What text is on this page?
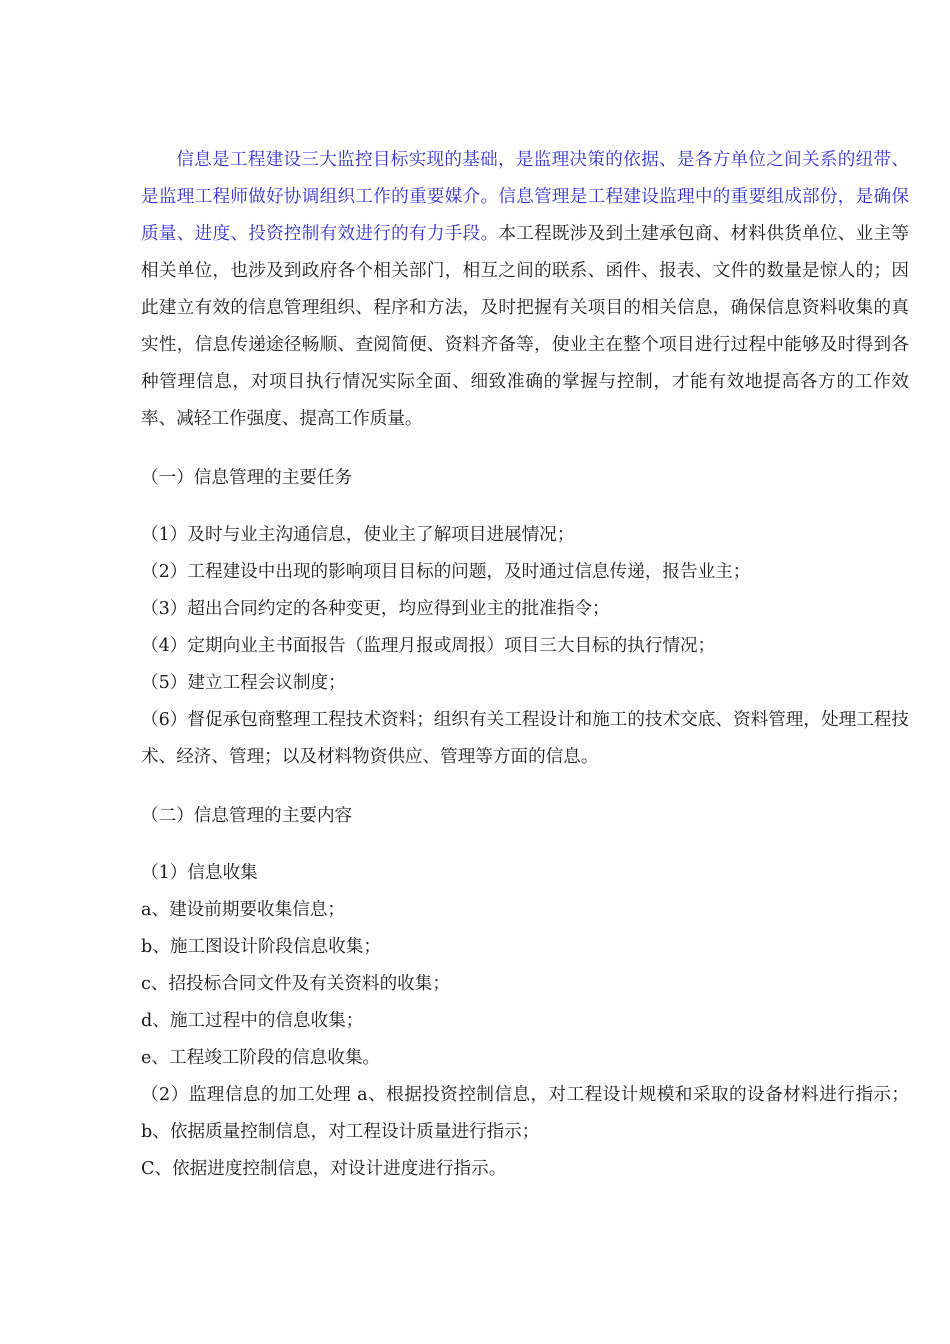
信息是工程建设三大监控目标实现的基础，是监理决策的依据、是各方单位之间关系的纽带、是监理工程师做好协调组织工作的重要媒介。信息管理是工程建设监理中的重要组成部份，是确保质量、进度、投资控制有效进行的有力手段。本工程既涉及到土建承包商、材料供货单位、业主等相关单位，也涉及到政府各个相关部门，相互之间的联系、函件、报表、文件的数量是惊人的；因此建立有效的信息管理组织、程序和方法，及时把握有关项目的相关信息，确保信息资料收集的真实性，信息传递途径畅顺、查阅简便、资料齐备等，使业主在整个项目进行过程中能够及时得到各种管理信息，对项目执行情况实际全面、细致准确的掌握与控制，才能有效地提高各方的工作效率、减轻工作强度、提高工作质量。

（一）信息管理的主要任务

（1）及时与业主沟通信息，使业主了解项目进展情况；

（2）工程建设中出现的影响项目目标的问题，及时通过信息传递，报告业主；

（3）超出合同约定的各种变更，均应得到业主的批准指令；

（4）定期向业主书面报告（监理月报或周报）项目三大目标的执行情况；

（5）建立工程会议制度；

（6）督促承包商整理工程技术资料；组织有关工程设计和施工的技术交底、资料管理，处理工程技术、经济、管理；以及材料物资供应、管理等方面的信息。

（二）信息管理的主要内容

（1）信息收集

a、建设前期要收集信息；

b、施工图设计阶段信息收集；

c、招投标合同文件及有关资料的收集；

d、施工过程中的信息收集；

e、工程竣工阶段的信息收集。

（2）监理信息的加工处理 a、根据投资控制信息，对工程设计规模和采取的设备材料进行指示；b、依据质量控制信息，对工程设计质量进行指示；

C、依据进度控制信息，对设计进度进行指示。
